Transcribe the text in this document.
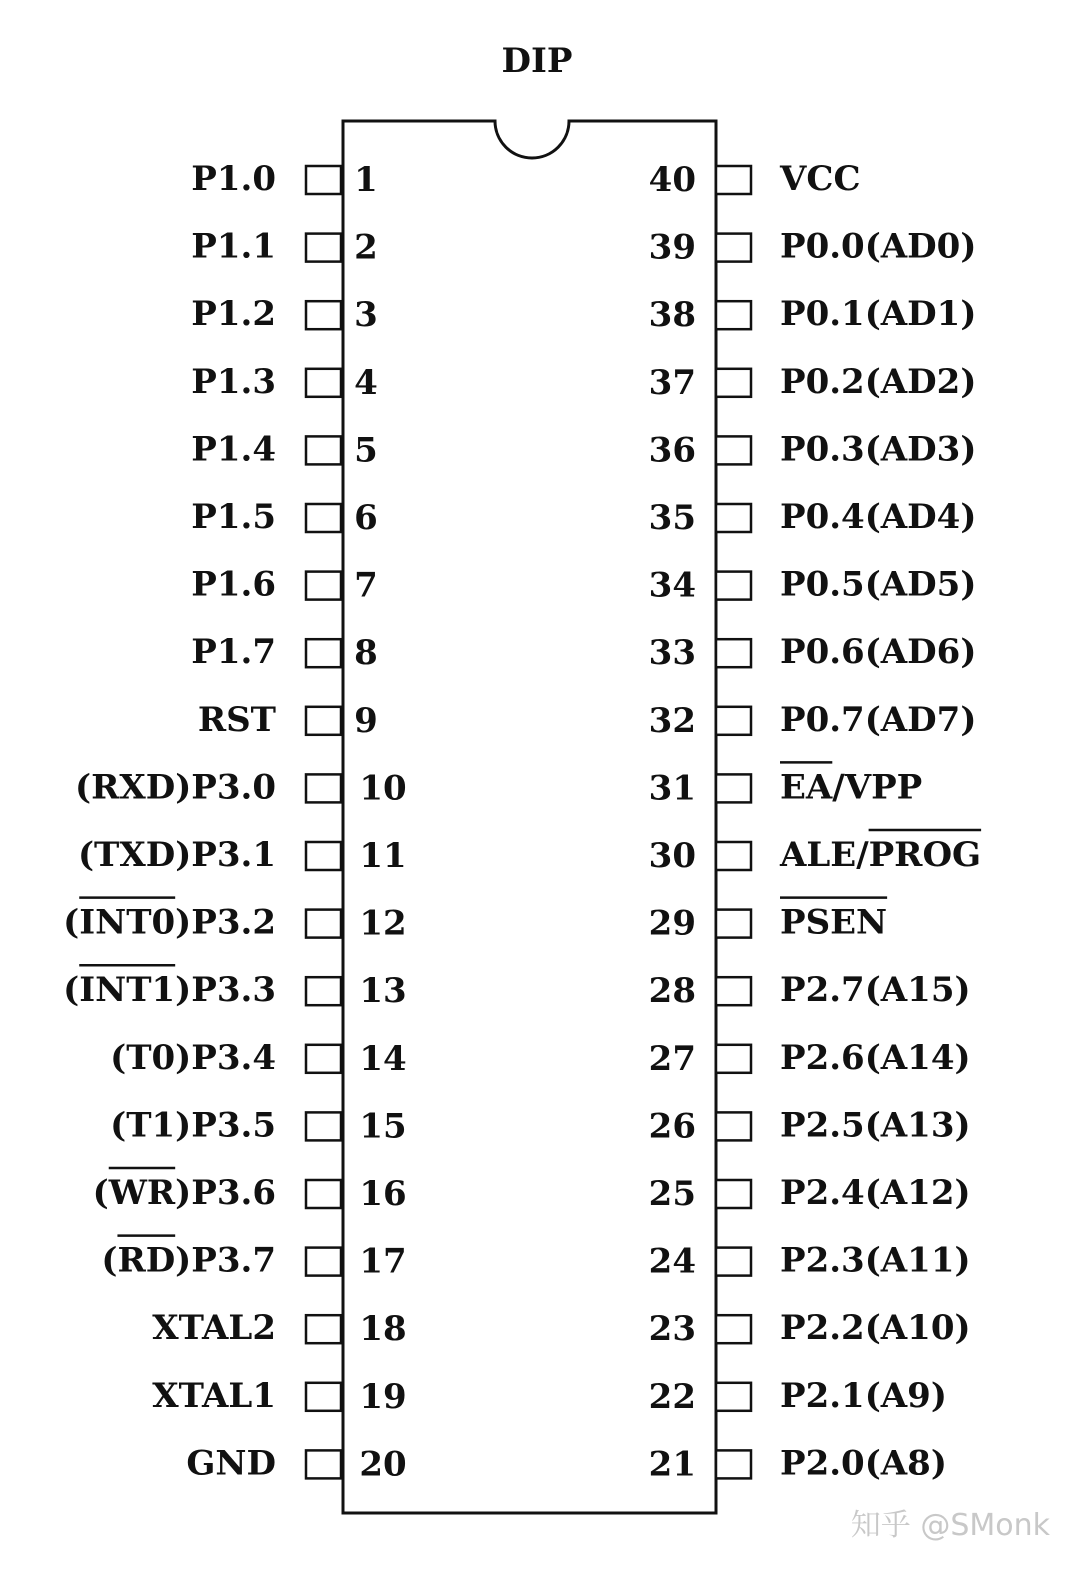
DIP
1
P1.0
2
P1.1
3
P1.2
4
P1.3
5
P1.4
6
P1.5
7
P1.6
8
P1.7
9
RST
10
(RXD)P3.0
11
(TXD)P3.1
12
(INT0)P3.2
13
(INT1)P3.3
14
(T0)P3.4
15
(T1)P3.5
16
(WR)P3.6
17
(RD)P3.7
18
XTAL2
19
XTAL1
20
GND
40 VCC
39 P0.0(AD0)
38 P0.1(AD1)
37 P0.2(AD2)
36 P0.3(AD3)
35 P0.4(AD4)
34 P0.5(AD5)
33 P0.6(AD6)
32 P0.7(AD7)
31 EA/VPP
30 ALE/PROG
29 PSEN
28 P2.7(A15)
27 P2.6(A14)
26 P2.5(A13)
25 P2.4(A12)
24 P2.3(A11)
23 P2.2(A10)
22 P2.1(A9)
21 P2.0(A8)
知乎 @SMonk
